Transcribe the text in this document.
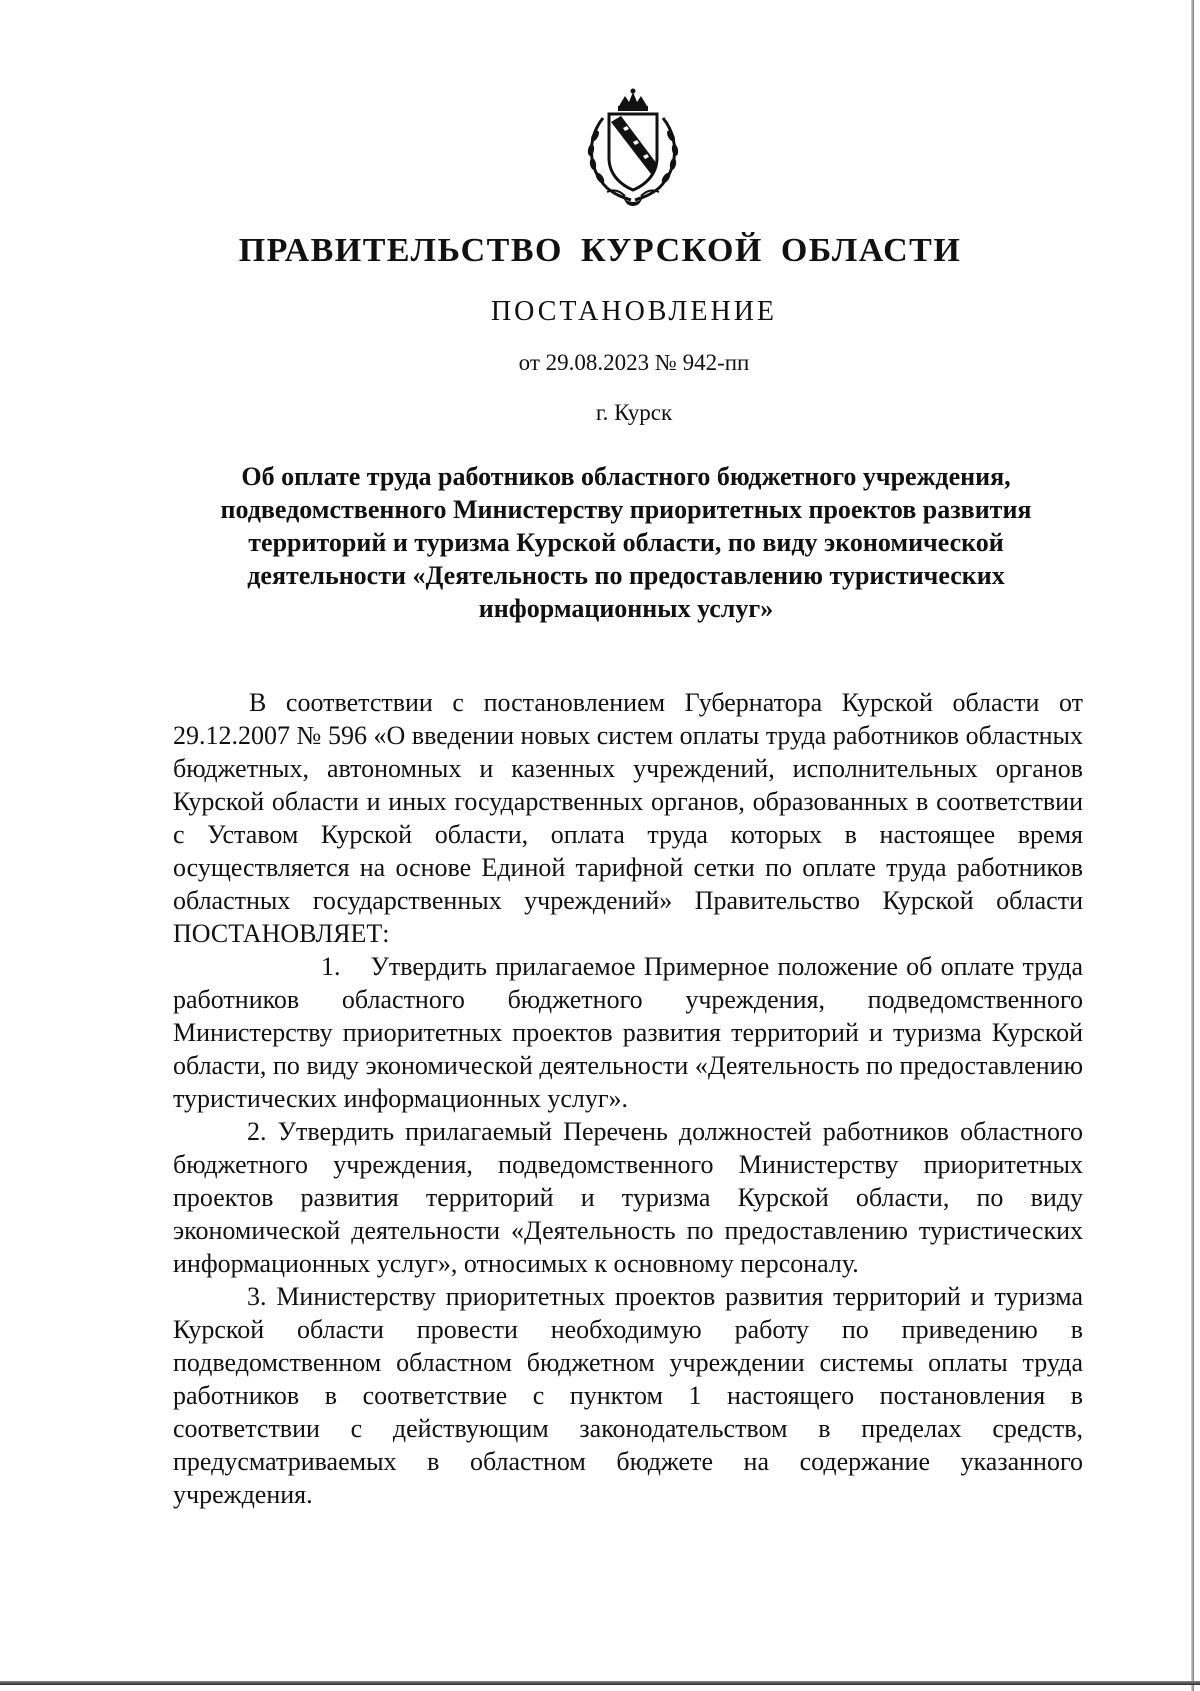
ПРАВИТЕЛЬСТВО КУРСКОЙ ОБЛАСТИ
ПОСТАНОВЛЕНИЕ
от 29.08.2023 № 942-пп
г. Курск
Об оплате труда работников областного бюджетного учреждения, подведомственного Министерству приоритетных проектов развития территорий и туризма Курской области, по виду экономической деятельности «Деятельность по предоставлению туристических информационных услуг»

В соответствии с постановлением Губернатора Курской области от 29.12.2007 № 596 «О введении новых систем оплаты труда работников областных бюджетных, автономных и казенных учреждений, исполнительных органов Курской области и иных государственных органов, образованных в соответствии с Уставом Курской области, оплата труда которых в настоящее время осуществляется на основе Единой тарифной сетки по оплате труда работников областных государственных учреждений» Правительство Курской области ПОСТАНОВЛЯЕТ:

1. Утвердить прилагаемое Примерное положение об оплате труда работников областного бюджетного учреждения, подведомственного Министерству приоритетных проектов развития территорий и туризма Курской области, по виду экономической деятельности «Деятельность по предоставлению туристических информационных услуг».

2. Утвердить прилагаемый Перечень должностей работников областного бюджетного учреждения, подведомственного Министерству приоритетных проектов развития территорий и туризма Курской области, по виду экономической деятельности «Деятельность по предоставлению туристических информационных услуг», относимых к основному персоналу.

3. Министерству приоритетных проектов развития территорий и туризма Курской области провести необходимую работу по приведению в подведомственном областном бюджетном учреждении системы оплаты труда работников в соответствие с пунктом 1 настоящего постановления в соответствии с действующим законодательством в пределах средств, предусматриваемых в областном бюджете на содержание указанного учреждения.
